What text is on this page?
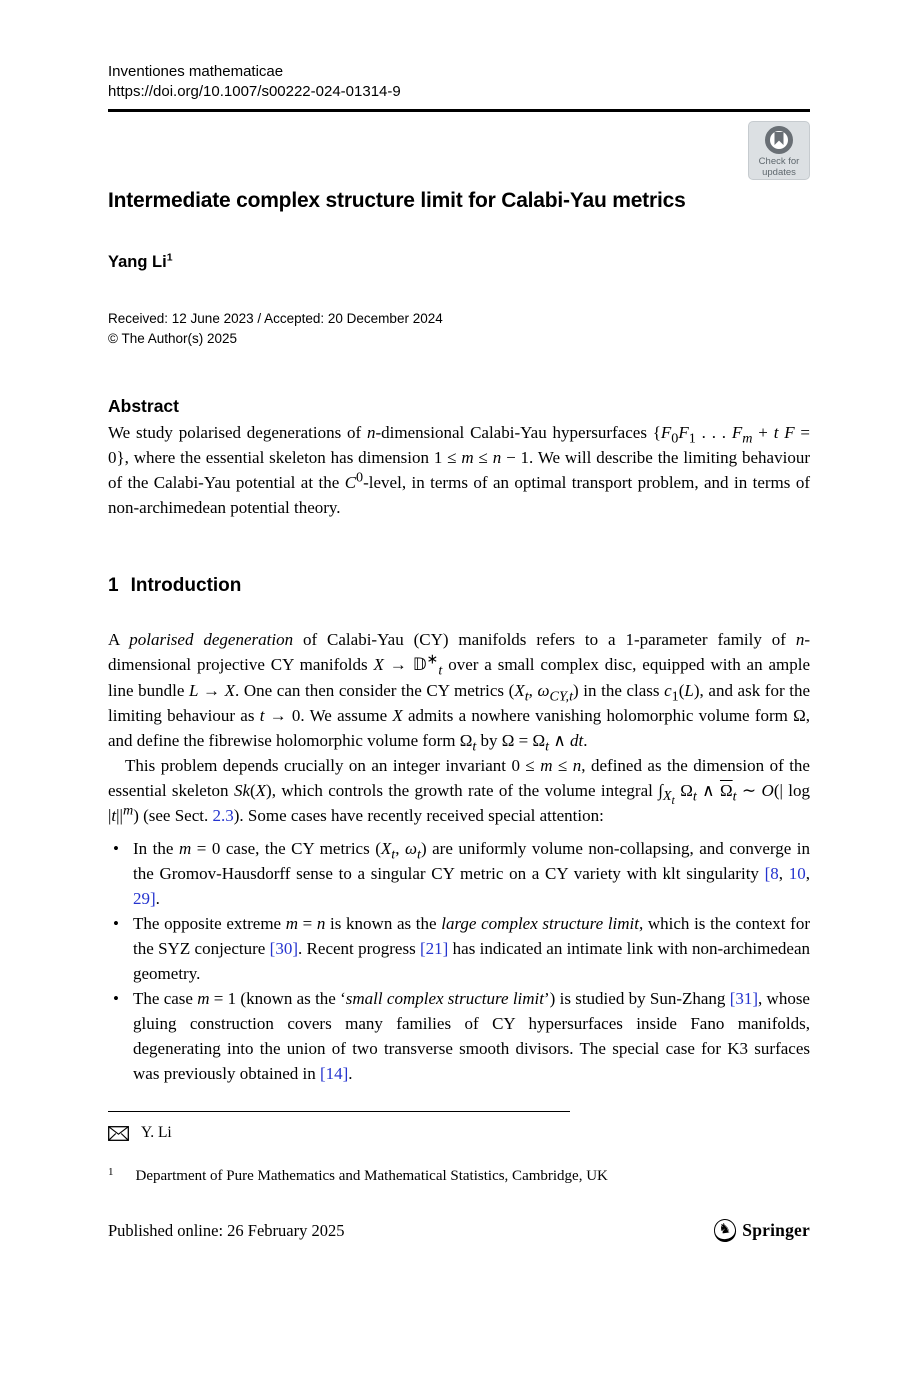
Check for
updates
Inventiones mathematicae
https://doi.org/10.1007/s00222-024-01314-9
Intermediate complex structure limit for Calabi-Yau metrics
Yang Li$^1$
Received: 12 June 2023 / Accepted: 20 December 2024
© The Author(s) 2025
Abstract

We study polarised degenerations of n-dimensional Calabi-Yau hypersurfaces {$F_0F_1$ . . . $F_m + t$ F = 0}, where the essential skeleton has dimension 1 ≤ m ≤ n − 1. We will describe the limiting behaviour of the Calabi-Yau potential at the $C^0$-level, in terms of an optimal transport problem, and in terms of non-archimedean potential theory.

1 Introduction

A polarised degeneration of Calabi-Yau (CY) manifolds refers to a 1-parameter family of n-dimensional projective CY manifolds X → 𝔻∗$_t$ over a small complex disc, equipped with an ample line bundle L → X. One can then consider the CY metrics ($X_t$, $\omega_{CY,t}$) in the class $c_1(L)$, and ask for the limiting behaviour as t → 0. We assume X admits a nowhere vanishing holomorphic volume form Ω, and define the fibrewise holomorphic volume form $\Omega_t$ by $\Omega = \Omega_t$ ∧ dt.

This problem depends crucially on an integer invariant 0 ≤ m ≤ n, defined as the dimension of the essential skeleton Sk(X), which controls the growth rate of the volume integral $\int_{X_t}$ $\Omega_t$ ∧ $\overline{\Omega}_t$ ∼ O(| $\log |t||^m$) (see Sect. 2.3). Some cases have recently received special attention:

• In the m = 0 case, the CY metrics ($X_t$, $\omega_t$) are uniformly volume non-collapsing, and converge in the Gromov-Hausdorff sense to a singular CY metric on a CY variety with klt singularity [8, 10, 29].
• The opposite extreme m = n is known as the large complex structure limit, which is the context for the SYZ conjecture [30]. Recent progress [21] has indicated an intimate link with non-archimedean geometry.
• The case m = 1 (known as the ‘small complex structure limit’) is studied by Sun-Zhang [31], whose gluing construction covers many families of CY hypersurfaces inside Fano manifolds, degenerating into the union of two transverse smooth divisors. The special case for K3 surfaces was previously obtained in [14].
Y. Li
1 Department of Pure Mathematics and Mathematical Statistics, Cambridge, UK
Published online: 26 February 2025	♞ Springer
